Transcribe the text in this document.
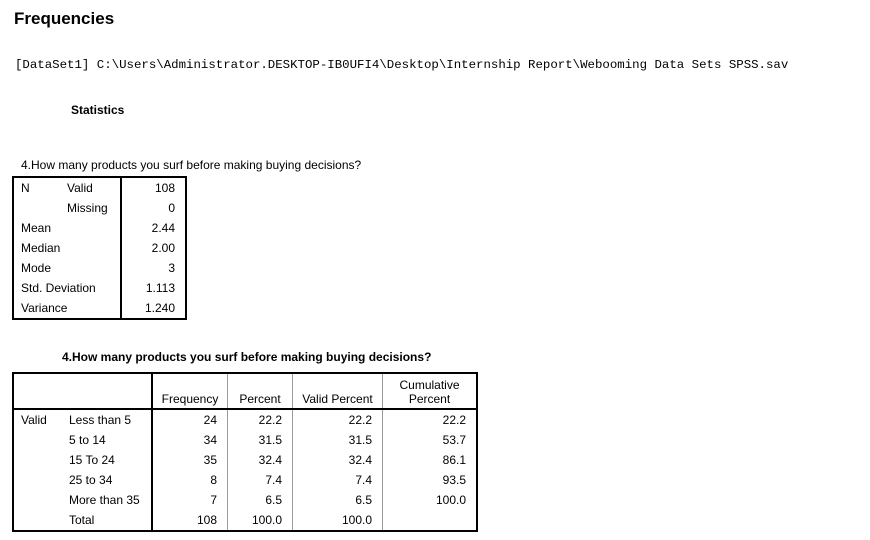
Frequencies
[DataSet1] C:\Users\Administrator.DESKTOP-IB0UFI4\Desktop\Internship Report\Webooming Data Sets SPSS.sav
Statistics
4.How many products you surf before making buying decisions?
N	Valid	108
	Missing	0
Mean		2.44
Median		2.00
Mode		3
Std. Deviation		1.113
Variance		1.240
4.How many products you surf before making buying decisions?
		Frequency	Percent	Valid Percent	Cumulative
Percent
Valid	Less than 5	24	22.2	22.2	22.2
	5 to 14	34	31.5	31.5	53.7
	15 To 24	35	32.4	32.4	86.1
	25 to 34	8	7.4	7.4	93.5
	More than 35	7	6.5	6.5	100.0
	Total	108	100.0	100.0	
